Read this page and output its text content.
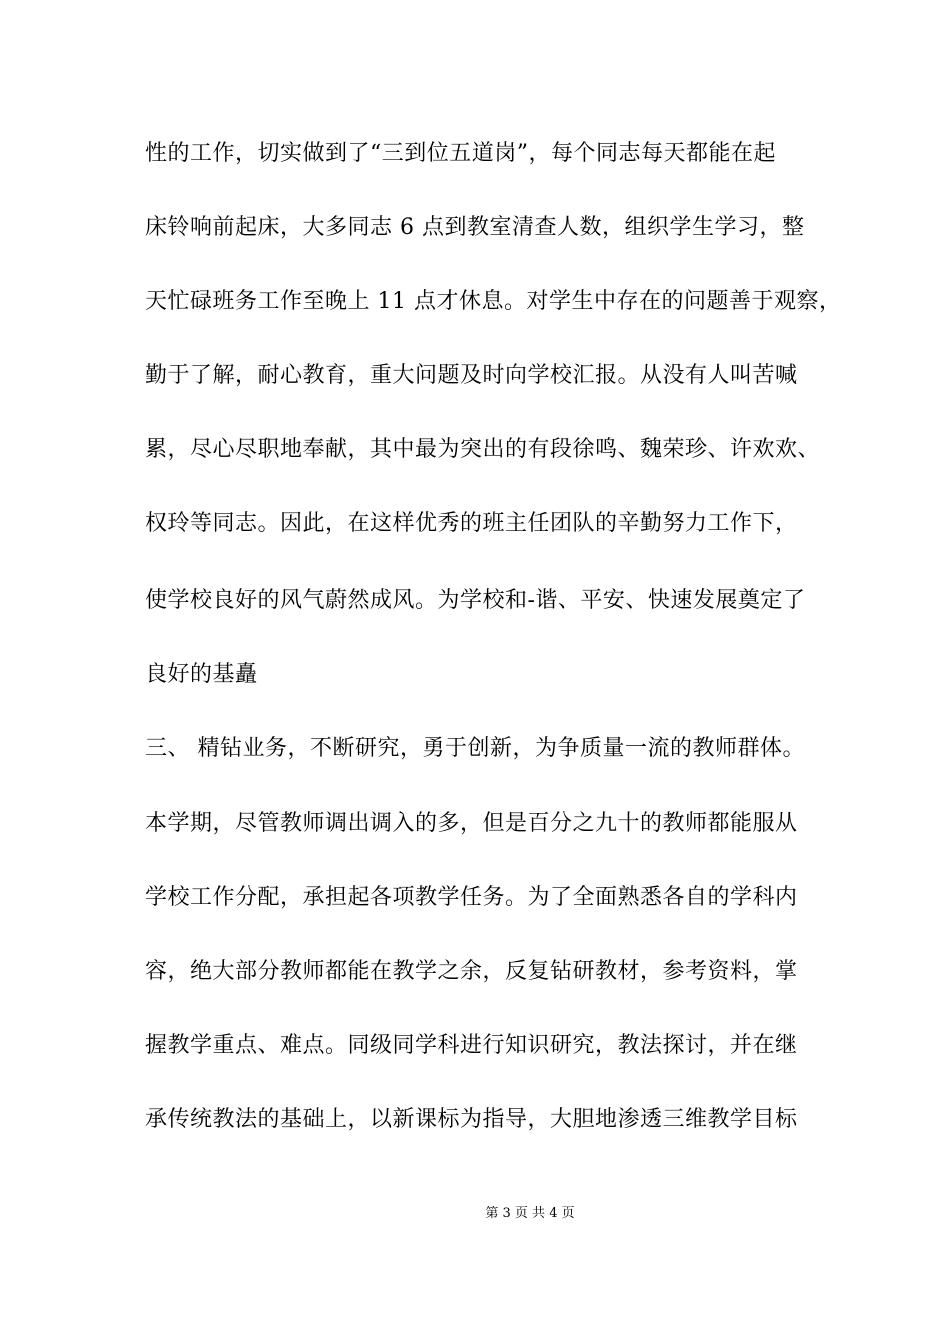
性的工作，切实做到了“三到位五道岗”，每个同志每天都能在起
床铃响前起床，大多同志 6 点到教室清查人数，组织学生学习，整
天忙碌班务工作至晚上 11 点才休息。对学生中存在的问题善于观察，
勤于了解，耐心教育，重大问题及时向学校汇报。从没有人叫苦喊
累，尽心尽职地奉献，其中最为突出的有段徐鸣、魏荣珍、许欢欢、
权玲等同志。因此，在这样优秀的班主任团队的辛勤努力工作下，
使学校良好的风气蔚然成风。为学校和-谐、平安、快速发展奠定了
良好的基矗
三、 精钻业务，不断研究，勇于创新，为争质量一流的教师群体。
本学期，尽管教师调出调入的多，但是百分之九十的教师都能服从
学校工作分配，承担起各项教学任务。为了全面熟悉各自的学科内
容，绝大部分教师都能在教学之余，反复钻研教材，参考资料，掌
握教学重点、难点。同级同学科进行知识研究，教法探讨，并在继
承传统教法的基础上，以新课标为指导，大胆地渗透三维教学目标
第 3 页 共 4 页
